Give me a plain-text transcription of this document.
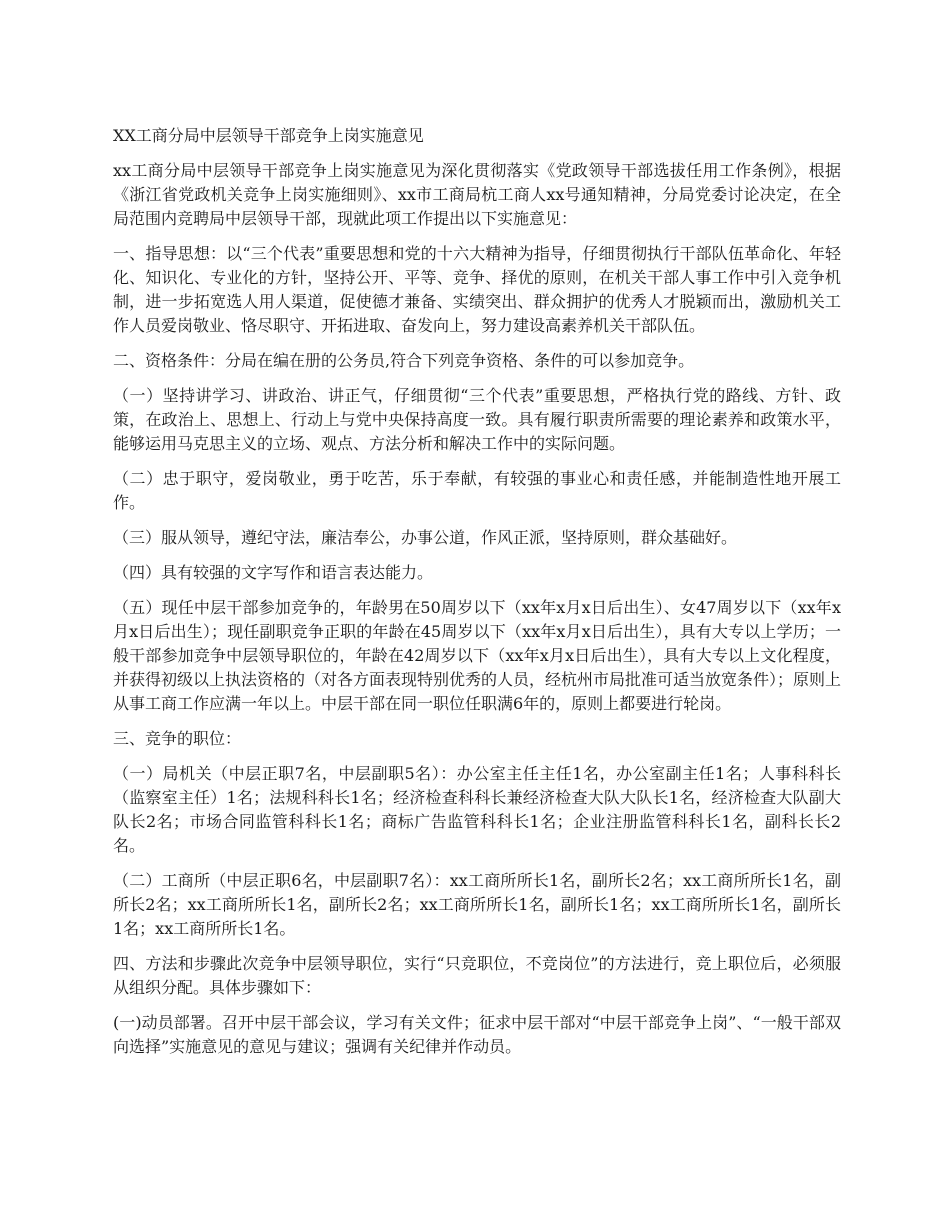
XX工商分局中层领导干部竞争上岗实施意见

xx工商分局中层领导干部竞争上岗实施意见为深化贯彻落实《党政领导干部选拔任用工作条例》，根据《浙江省党政机关竞争上岗实施细则》、xx市工商局杭工商人xx号通知精神，分局党委讨论决定，在全局范围内竞聘局中层领导干部，现就此项工作提出以下实施意见：

一、指导思想：以“三个代表”重要思想和党的十六大精神为指导，仔细贯彻执行干部队伍革命化、年轻化、知识化、专业化的方针，坚持公开、平等、竞争、择优的原则，在机关干部人事工作中引入竞争机制，进一步拓宽选人用人渠道，促使德才兼备、实绩突出、群众拥护的优秀人才脱颖而出，激励机关工作人员爱岗敬业、恪尽职守、开拓进取、奋发向上，努力建设高素养机关干部队伍。

二、资格条件：分局在编在册的公务员,符合下列竞争资格、条件的可以参加竞争。

（一）坚持讲学习、讲政治、讲正气，仔细贯彻“三个代表”重要思想，严格执行党的路线、方针、政策，在政治上、思想上、行动上与党中央保持高度一致。具有履行职责所需要的理论素养和政策水平，能够运用马克思主义的立场、观点、方法分析和解决工作中的实际问题。

（二）忠于职守，爱岗敬业，勇于吃苦，乐于奉献，有较强的事业心和责任感，并能制造性地开展工作。

（三）服从领导，遵纪守法，廉洁奉公，办事公道，作风正派，坚持原则，群众基础好。

（四）具有较强的文字写作和语言表达能力。

（五）现任中层干部参加竞争的，年龄男在50周岁以下（xx年x月x日后出生）、女47周岁以下（xx年x月x日后出生）；现任副职竞争正职的年龄在45周岁以下（xx年x月x日后出生），具有大专以上学历；一般干部参加竞争中层领导职位的，年龄在42周岁以下（xx年x月x日后出生），具有大专以上文化程度，并获得初级以上执法资格的（对各方面表现特别优秀的人员，经杭州市局批准可适当放宽条件）；原则上从事工商工作应满一年以上。中层干部在同一职位任职满6年的，原则上都要进行轮岗。

三、竞争的职位：

（一）局机关（中层正职7名，中层副职5名）：办公室主任主任1名，办公室副主任1名；人事科科长（监察室主任）1名；法规科科长1名；经济检查科科长兼经济检查大队大队长1名，经济检查大队副大队长2名；市场合同监管科科长1名；商标广告监管科科长1名；企业注册监管科科长1名，副科长长2名。

（二）工商所（中层正职6名，中层副职7名）：xx工商所所长1名，副所长2名；xx工商所所长1名，副所长2名；xx工商所所长1名，副所长2名；xx工商所所长1名，副所长1名；xx工商所所长1名，副所长1名；xx工商所所长1名。

四、方法和步骤此次竞争中层领导职位，实行“只竞职位，不竞岗位”的方法进行，竞上职位后，必须服从组织分配。具体步骤如下：

(一)动员部署。召开中层干部会议，学习有关文件；征求中层干部对“中层干部竞争上岗”、“一般干部双向选择”实施意见的意见与建议；强调有关纪律并作动员。
